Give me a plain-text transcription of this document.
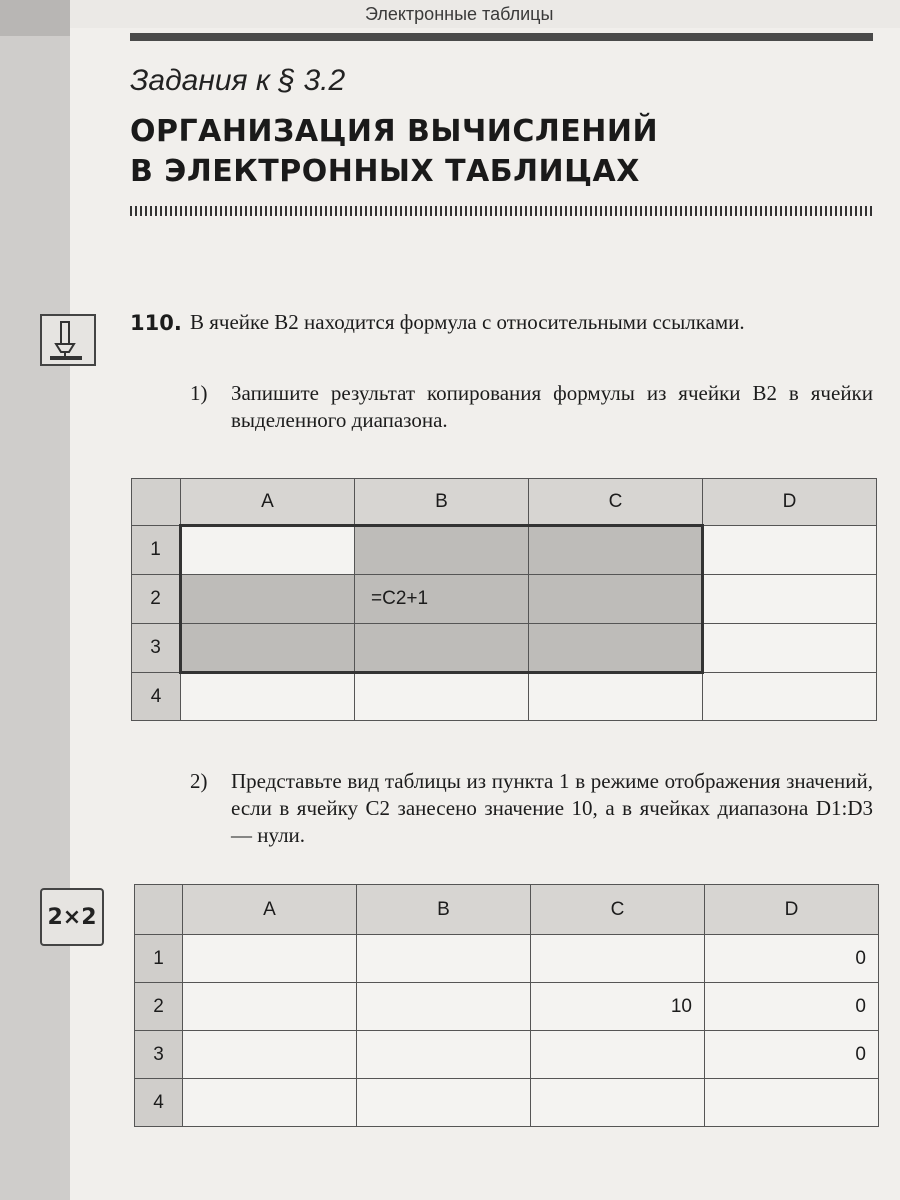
Электронные таблицы
Задания к § 3.2
ОРГАНИЗАЦИЯ ВЫЧИСЛЕНИЙ
В ЭЛЕКТРОННЫХ ТАБЛИЦАХ
2×2
110. В ячейке B2 находится формула с относительными ссылками.
1)	Запишите результат копирования формулы из ячейки B2 в ячейки выделенного диапазона.
	A	B	C	D
1				
2		=C2+1		
3				
4				
2)	Представьте вид таблицы из пункта 1 в режиме отображения значений, если в ячейку C2 занесено значение 10, а в ячейках диапазона D1:D3 — нули.
	A	B	C	D
1				0
2			10	0
3				0
4				
